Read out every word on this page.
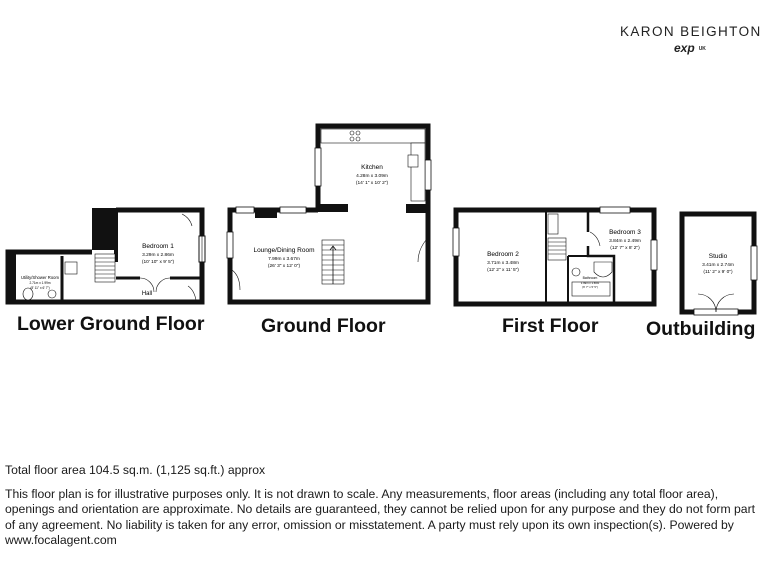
KARON BEIGHTON
exp UK
Bedroom 1
3.29m x 2.86m
(10' 10" x 9' 5")
Utility/Shower Room
2.71m x 1.99m
(8' 11" x 6' 7")
Hall
Lounge/Dining Room
7.99m x 3.67m
(26' 3" x 12' 0")
Kitchen
4.28m x 3.09m
(14' 1" x 10' 2")
Bedroom 2
3.71m x 3.48m
(12' 2" x 11' 5")
Bedroom 3
3.84m x 2.49m
(12' 7" x 8' 2")
Bathroom
1.99m x 1.66m
(6' 7" x 5' 5")
Studio
3.41m x 2.74m
(11' 2" x 9' 0")
Lower Ground Floor	Ground Floor	First Floor Outbuilding
Total floor area 104.5 sq.m. (1,125 sq.ft.) approx

This floor plan is for illustrative purposes only. It is not drawn to scale. Any measurements, floor areas (including any total floor area), openings and orientation are approximate. No details are guaranteed, they cannot be relied upon for any purpose and they do not form part of any agreement. No liability is taken for any error, omission or misstatement. A party must rely upon its own inspection(s). Powered by www.focalagent.com
